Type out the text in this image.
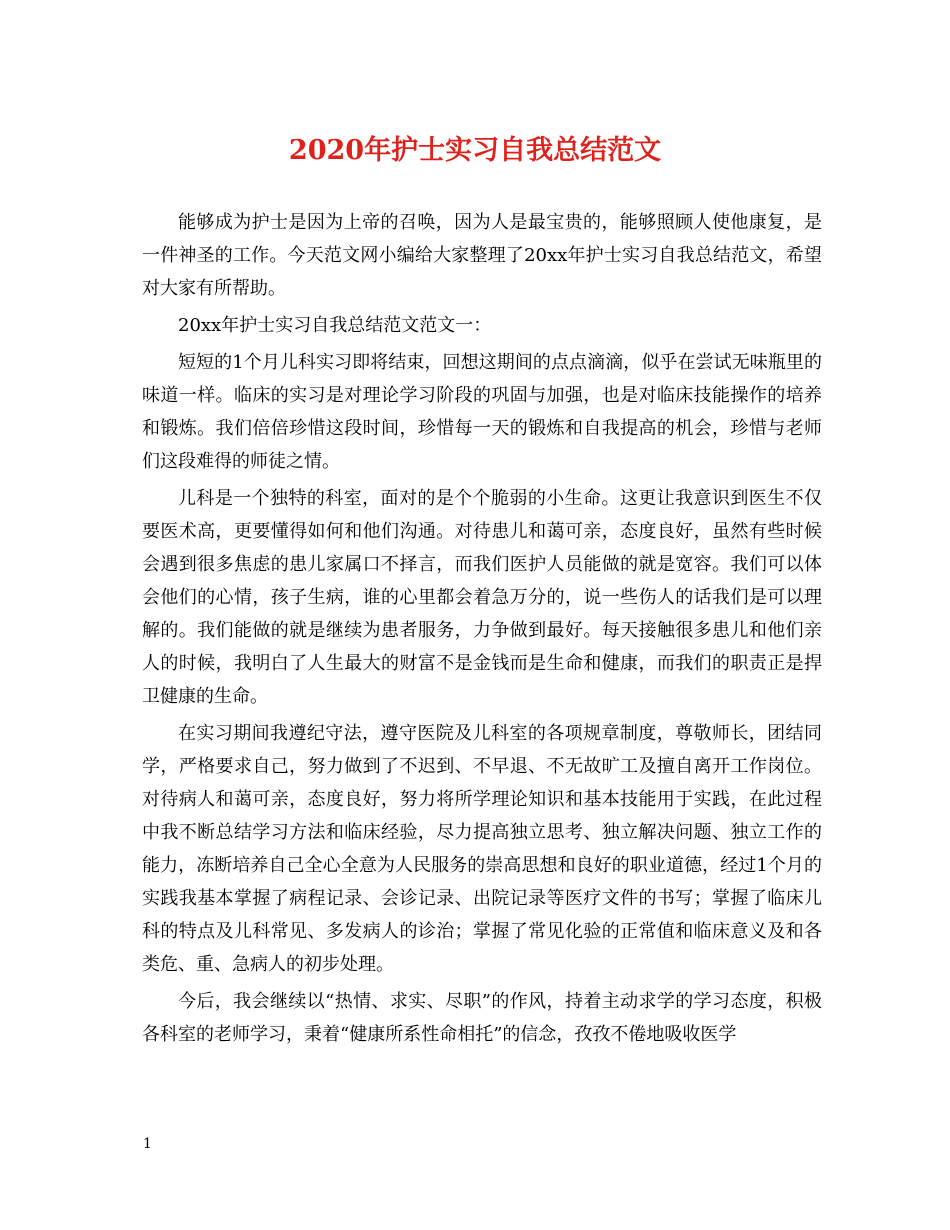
2020年护士实习自我总结范文

能够成为护士是因为上帝的召唤，因为人是最宝贵的，能够照顾人使他康复，是一件神圣的工作。今天范文网小编给大家整理了20xx年护士实习自我总结范文，希望对大家有所帮助。

20xx年护士实习自我总结范文范文一：

短短的1个月儿科实习即将结束，回想这期间的点点滴滴，似乎在尝试无味瓶里的味道一样。临床的实习是对理论学习阶段的巩固与加强，也是对临床技能操作的培养和锻炼。我们倍倍珍惜这段时间，珍惜每一天的锻炼和自我提高的机会，珍惜与老师们这段难得的师徒之情。

儿科是一个独特的科室，面对的是个个脆弱的小生命。这更让我意识到医生不仅要医术高，更要懂得如何和他们沟通。对待患儿和蔼可亲，态度良好，虽然有些时候会遇到很多焦虑的患儿家属口不择言，而我们医护人员能做的就是宽容。我们可以体会他们的心情，孩子生病，谁的心里都会着急万分的，说一些伤人的话我们是可以理解的。我们能做的就是继续为患者服务，力争做到最好。每天接触很多患儿和他们亲人的时候，我明白了人生最大的财富不是金钱而是生命和健康，而我们的职责正是捍卫健康的生命。

在实习期间我遵纪守法，遵守医院及儿科室的各项规章制度，尊敬师长，团结同学，严格要求自己，努力做到了不迟到、不早退、不无故旷工及擅自离开工作岗位。对待病人和蔼可亲，态度良好，努力将所学理论知识和基本技能用于实践，在此过程中我不断总结学习方法和临床经验，尽力提高独立思考、独立解决问题、独立工作的能力，冻断培养自己全心全意为人民服务的崇高思想和良好的职业道德，经过1个月的实践我基本掌握了病程记录、会诊记录、出院记录等医疗文件的书写；掌握了临床儿科的特点及儿科常见、多发病人的诊治；掌握了常见化验的正常值和临床意义及和各类危、重、急病人的初步处理。

今后，我会继续以“热情、求实、尽职”的作风，持着主动求学的学习态度，积极各科室的老师学习，秉着“健康所系性命相托”的信念，孜孜不倦地吸收医学

1
